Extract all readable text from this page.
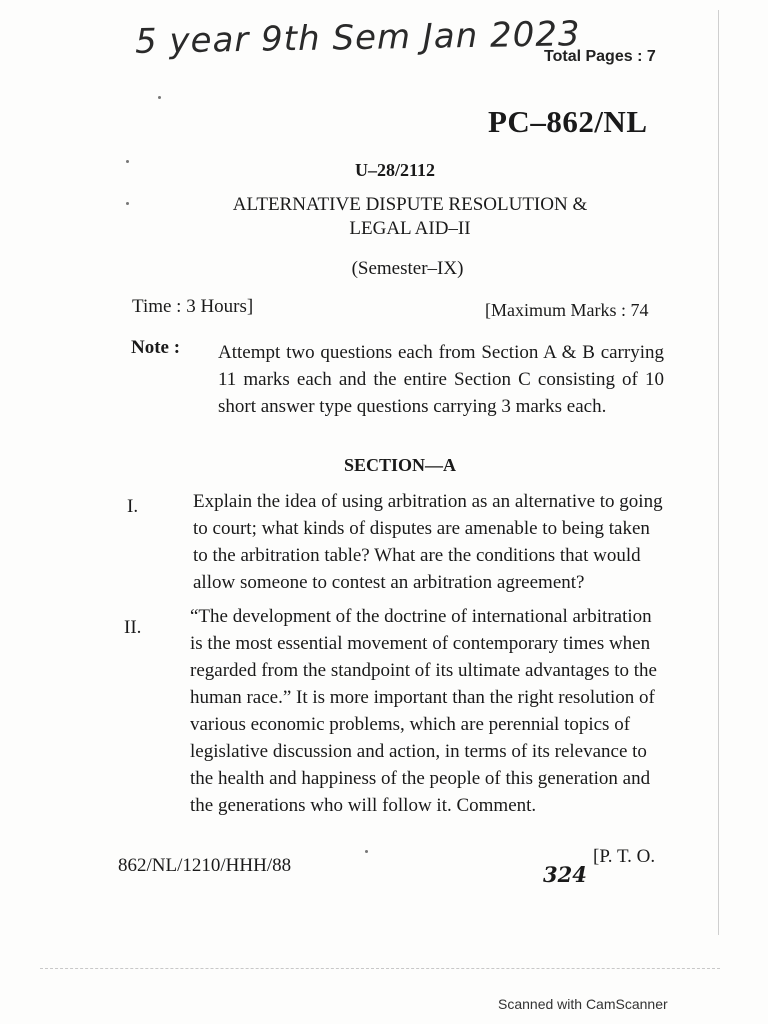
5 year 9th Sem Jan 2023
Total Pages : 7
PC–862/NL
U–28/2112
ALTERNATIVE DISPUTE RESOLUTION &
LEGAL AID–II
(Semester–IX)
Time : 3 Hours]	[Maximum Marks : 74
Note : Attempt two questions each from Section A & B carrying 11 marks each and the entire Section C consisting of 10 short answer type questions carrying 3 marks each.
SECTION—A
I.	Explain the idea of using arbitration as an alternative to going to court; what kinds of disputes are amenable to being taken to the arbitration table? What are the conditions that would allow someone to contest an arbitration agreement?
II.
“The development of the doctrine of international arbitration is the most essential movement of contemporary times when regarded from the standpoint of its ultimate advantages to the human race.” It is more important than the right resolution of various economic problems, which are perennial topics of legislative discussion and action, in terms of its relevance to the health and happiness of the people of this generation and the generations who will follow it. Comment.
862/NL/1210/HHH/88	324
[P. T. O.
Scanned with CamScanner
